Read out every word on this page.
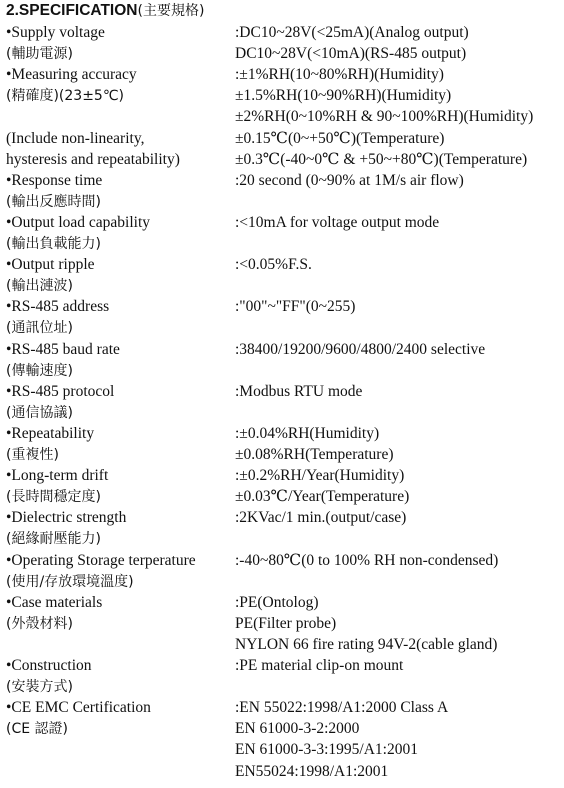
2.SPECIFICATION(主要規格)
•Supply voltage
(輔助電源)
:DC10~28V(<25mA)(Analog output)
DC10~28V(<10mA)(RS-485 output)
•Measuring accuracy
(精確度)(23±5℃)
:±1%RH(10~80%RH)(Humidity)
±1.5%RH(10~90%RH)(Humidity)
±2%RH(0~10%RH & 90~100%RH)(Humidity)
(Include non-linearity,
hysteresis and repeatability)
±0.15℃(0~+50℃)(Temperature)
±0.3℃(-40~0℃ & +50~+80℃)(Temperature)
•Response time
(輸出反應時間)
:20 second (0~90% at 1M/s air flow)
•Output load capability
(輸出負載能力)
:<10mA for voltage output mode
•Output ripple
(輸出漣波)
:<0.05%F.S.
•RS-485 address
(通訊位址)
:"00"~"FF"(0~255)
•RS-485 baud rate
(傳輸速度)
:38400/19200/9600/4800/2400 selective
•RS-485 protocol
(通信協議)
:Modbus RTU mode
•Repeatability
(重複性)
:±0.04%RH(Humidity)
±0.08%RH(Temperature)
•Long-term drift
(長時間穩定度)
:±0.2%RH/Year(Humidity)
±0.03℃/Year(Temperature)
•Dielectric strength
(絕緣耐壓能力)
:2KVac/1 min.(output/case)
•Operating Storage terperature
(使用/存放環境溫度)
:-40~80℃(0 to 100% RH non-condensed)
•Case materials
(外殼材料)
:PE(Ontolog)
PE(Filter probe)
NYLON 66 fire rating 94V-2(cable gland)
•Construction
(安裝方式)
:PE material clip-on mount
•CE EMC Certification
(CE 認證)
:EN 55022:1998/A1:2000 Class A
EN 61000-3-2:2000
EN 61000-3-3:1995/A1:2001
EN55024:1998/A1:2001
